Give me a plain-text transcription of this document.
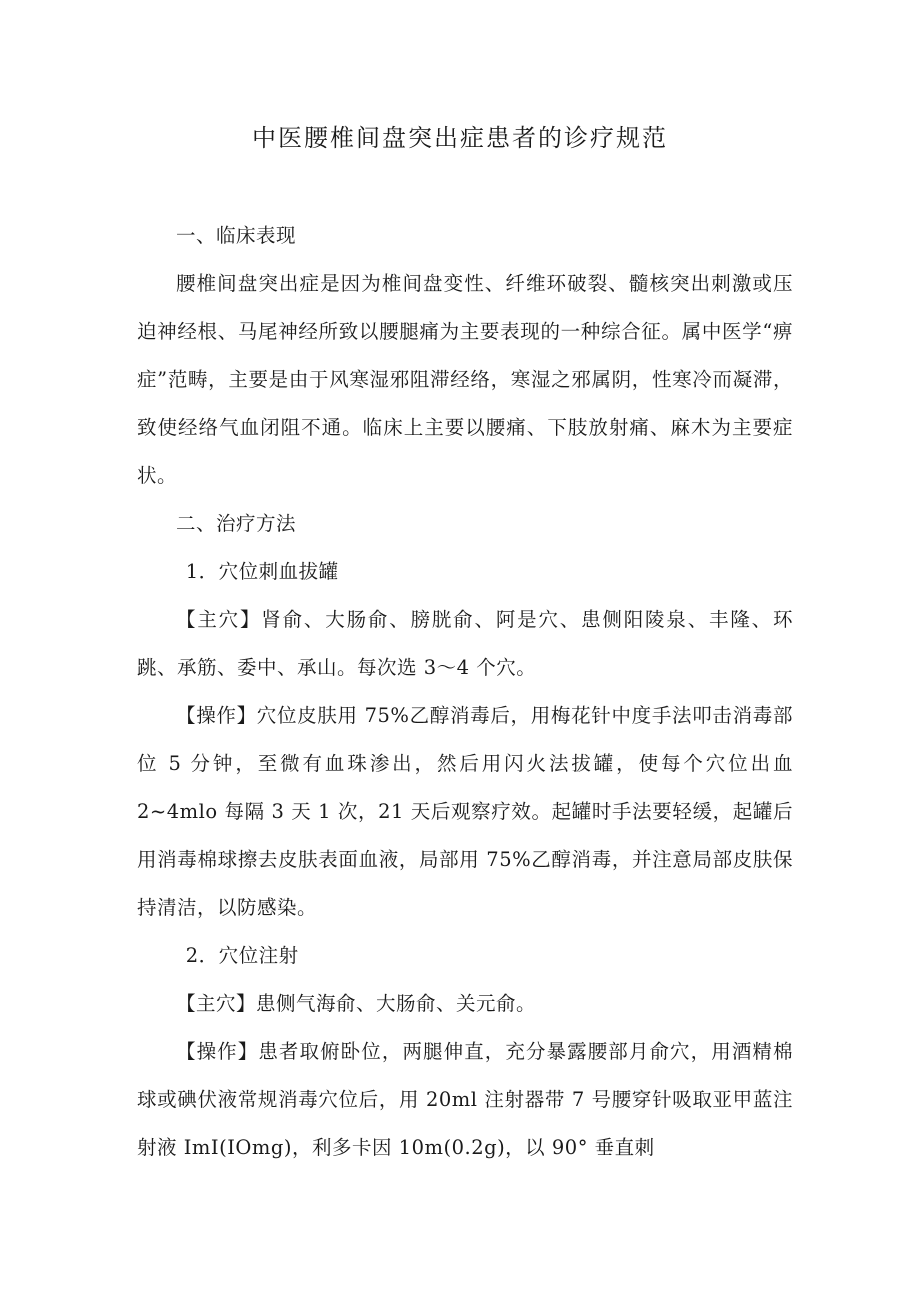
中医腰椎间盘突出症患者的诊疗规范

一、临床表现

腰椎间盘突出症是因为椎间盘变性、纤维环破裂、髓核突出刺激或压迫神经根、马尾神经所致以腰腿痛为主要表现的一种综合征。属中医学“痹症”范畴，主要是由于风寒湿邪阻滞经络，寒湿之邪属阴，性寒冷而凝滞，致使经络气血闭阻不通。临床上主要以腰痛、下肢放射痛、麻木为主要症状。

二、治疗方法

1．穴位刺血拔罐

【主穴】肾俞、大肠俞、膀胱俞、阿是穴、患侧阳陵泉、丰隆、环跳、承筋、委中、承山。每次选 3～4 个穴。

【操作】穴位皮肤用 75%乙醇消毒后，用梅花针中度手法叩击消毒部位 5 分钟，至微有血珠渗出，然后用闪火法拔罐，使每个穴位出血 2~4mlo 每隔 3 天 1 次，21 天后观察疗效。起罐时手法要轻缓，起罐后用消毒棉球擦去皮肤表面血液，局部用 75%乙醇消毒，并注意局部皮肤保持清洁，以防感染。

2．穴位注射

【主穴】患侧气海俞、大肠俞、关元俞。

【操作】患者取俯卧位，两腿伸直，充分暴露腰部月俞穴，用酒精棉球或碘伏液常规消毒穴位后，用 20ml 注射器带 7 号腰穿针吸取亚甲蓝注射液 ImI(IOmg)，利多卡因 10m(0.2g)，以 90° 垂直刺
